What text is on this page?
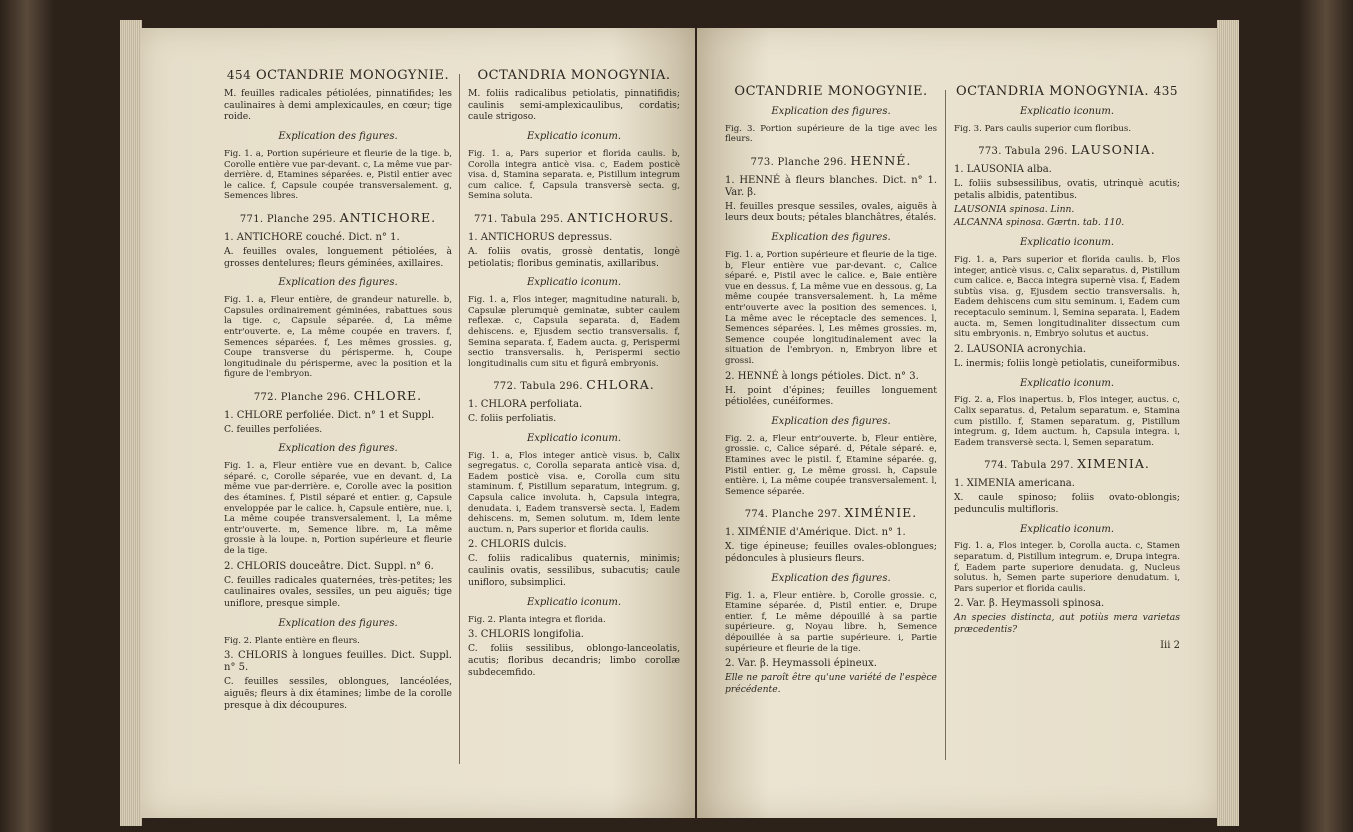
454 OCTANDRIE MONOGYNIE.

M. feuilles radicales pétiolées, pinnatifides; les caulinaires à demi amplexicaules, en cœur; tige roide.

Explication des figures.

Fig. 1. a, Portion supérieure et fleurie de la tige. b, Corolle entière vue par-devant. c, La même vue par-derrière. d, Etamines séparées. e, Pistil entier avec le calice. f, Capsule coupée transversalement. g, Semences libres.

771. Planche 295. ANTICHORE.

1. ANTICHORE couché. Dict. n° 1.

A. feuilles ovales, longuement pétiolées, à grosses dentelures; fleurs géminées, axillaires.

Explication des figures.

Fig. 1. a, Fleur entière, de grandeur naturelle. b, Capsules ordinairement géminées, rabattues sous la tige. c, Capsule séparée. d, La même entr'ouverte. e, La même coupée en travers. f, Semences séparées. f, Les mêmes grossies. g, Coupe transverse du périsperme. h, Coupe longitudinale du périsperme, avec la position et la figure de l'embryon.

772. Planche 296. CHLORE.

1. CHLORE perfoliée. Dict. n° 1 et Suppl.

C. feuilles perfoliées.

Explication des figures.

Fig. 1. a, Fleur entière vue en devant. b, Calice séparé. c, Corolle séparée, vue en devant. d, La même vue par-derrière. e, Corolle avec la position des étamines. f, Pistil séparé et entier. g, Capsule enveloppée par le calice. h, Capsule entière, nue. i, La même coupée transversalement. l, La même entr'ouverte. m, Semence libre. m, La même grossie à la loupe. n, Portion supérieure et fleurie de la tige.

2. CHLORIS douceâtre. Dict. Suppl. n° 6.

C. feuilles radicales quaternées, très-petites; les caulinaires ovales, sessiles, un peu aiguës; tige uniflore, presque simple.

Explication des figures.

Fig. 2. Plante entière en fleurs.

3. CHLORIS à longues feuilles. Dict. Suppl. n° 5.

C. feuilles sessiles, oblongues, lancéolées, aiguës; fleurs à dix étamines; limbe de la corolle presque à dix découpures.

OCTANDRIA MONOGYNIA.

M. foliis radicalibus petiolatis, pinnatifidis; caulinis semi-amplexicaulibus, cordatis; caule strigoso.

Explicatio iconum.

Fig. 1. a, Pars superior et florida caulis. b, Corolla integra anticè visa. c, Eadem posticè visa. d, Stamina separata. e, Pistillum integrum cum calice. f, Capsula transversè secta. g, Semina soluta.

771. Tabula 295. ANTICHORUS.

1. ANTICHORUS depressus.

A. foliis ovatis, grossè dentatis, longè petiolatis; floribus geminatis, axillaribus.

Explicatio iconum.

Fig. 1. a, Flos integer, magnitudine naturali. b, Capsulæ plerumquè geminatæ, subter caulem reflexæ. c, Capsula separata. d, Eadem dehiscens. e, Ejusdem sectio transversalis. f, Semina separata. f, Eadem aucta. g, Perispermi sectio transversalis. h, Perispermi sectio longitudinalis cum situ et figurâ embryonis.

772. Tabula 296. CHLORA.

1. CHLORA perfoliata.

C. foliis perfoliatis.

Explicatio iconum.

Fig. 1. a, Flos integer anticè visus. b, Calix segregatus. c, Corolla separata anticè visa. d, Eadem posticè visa. e, Corolla cum situ staminum. f, Pistillum separatum, integrum. g, Capsula calice involuta. h, Capsula integra, denudata. i, Eadem transversè secta. l, Eadem dehiscens. m, Semen solutum. m, Idem lente auctum. n, Pars superior et florida caulis.

2. CHLORIS dulcis.

C. foliis radicalibus quaternis, minimis; caulinis ovatis, sessilibus, subacutis; caule unifloro, subsimplici.

Explicatio iconum.

Fig. 2. Planta integra et florida.

3. CHLORIS longifolia.

C. foliis sessilibus, oblongo-lanceolatis, acutis; floribus decandris; limbo corollæ subdecemfido.

OCTANDRIE MONOGYNIE.
Explication des figures.

Fig. 3. Portion supérieure de la tige avec les fleurs.

773. Planche 296. HENNÉ.

1. HENNÉ à fleurs blanches. Dict. n° 1. Var. β.

H. feuilles presque sessiles, ovales, aiguës à leurs deux bouts; pétales blanchâtres, étalés.

Explication des figures.

Fig. 1. a, Portion supérieure et fleurie de la tige. b, Fleur entière vue par-devant. c, Calice séparé. e, Pistil avec le calice. e, Baie entière vue en dessus. f, La même vue en dessous. g, La même coupée transversalement. h, La même entr'ouverte avec la position des semences. i, La même avec le réceptacle des semences. l, Semences séparées. l, Les mêmes grossies. m, Semence coupée longitudinalement avec la situation de l'embryon. n, Embryon libre et grossi.

2. HENNÉ à longs pétioles. Dict. n° 3.

H. point d'épines; feuilles longuement pétiolées, cunéiformes.

Explication des figures.

Fig. 2. a, Fleur entr'ouverte. b, Fleur entière, grossie. c, Calice séparé. d, Pétale séparé. e, Etamines avec le pistil. f, Etamine séparée. g, Pistil entier. g, Le même grossi. h, Capsule entière. i, La même coupée transversalement. l, Semence séparée.

774. Planche 297. XIMÉNIE.

1. XIMÉNIE d'Amérique. Dict. n° 1.

X. tige épineuse; feuilles ovales-oblongues; pédoncules à plusieurs fleurs.

Explication des figures.

Fig. 1. a, Fleur entière. b, Corolle grossie. c, Etamine séparée. d, Pistil entier. e, Drupe entier. f, Le même dépouillé à sa partie supérieure. g, Noyau libre. h, Semence dépouillée à sa partie supérieure. i, Partie supérieure et fleurie de la tige.

2. Var. β. Heymassoli épineux.

Elle ne paroît être qu'une variété de l'espèce précédente.

OCTANDRIA MONOGYNIA. 435
Explicatio iconum.

Fig. 3. Pars caulis superior cum floribus.

773. Tabula 296. LAUSONIA.

1. LAUSONIA alba.

L. foliis subsessilibus, ovatis, utrinquè acutis; petalis albidis, patentibus.

LAUSONIA spinosa. Linn.

ALCANNA spinosa. Gærtn. tab. 110.

Explicatio iconum.

Fig. 1. a, Pars superior et florida caulis. b, Flos integer, anticè visus. c, Calix separatus. d, Pistillum cum calice. e, Bacca integra supernè visa. f, Eadem subtùs visa. g, Ejusdem sectio transversalis. h, Eadem dehiscens cum situ seminum. i, Eadem cum receptaculo seminum. l, Semina separata. l, Eadem aucta. m, Semen longitudinaliter dissectum cum situ embryonis. n, Embryo solutus et auctus.

2. LAUSONIA acronychia.

L. inermis; foliis longè petiolatis, cuneiformibus.

Explicatio iconum.

Fig. 2. a, Flos inapertus. b, Flos integer, auctus. c, Calix separatus. d, Petalum separatum. e, Stamina cum pistillo. f, Stamen separatum. g, Pistillum integrum. g, Idem auctum. h, Capsula integra. i, Eadem transversè secta. l, Semen separatum.

774. Tabula 297. XIMENIA.

1. XIMENIA americana.

X. caule spinoso; foliis ovato-oblongis; pedunculis multifloris.

Explicatio iconum.

Fig. 1. a, Flos integer. b, Corolla aucta. c, Stamen separatum. d, Pistillum integrum. e, Drupa integra. f, Eadem parte superiore denudata. g, Nucleus solutus. h, Semen parte superiore denudatum. i, Pars superior et florida caulis.

2. Var. β. Heymassoli spinosa.

An species distincta, aut potiùs mera varietas præcedentis?

Iii 2
